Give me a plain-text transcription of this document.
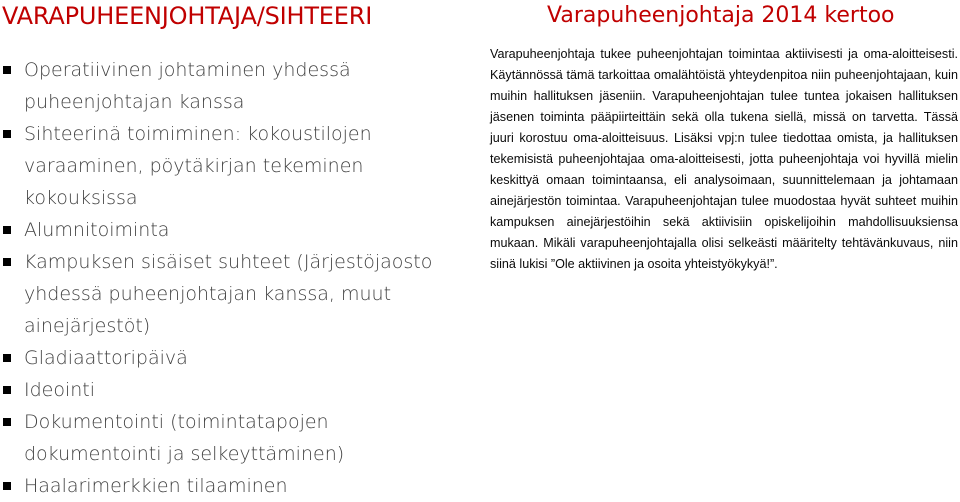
VARAPUHEENJOHTAJA/SIHTEERI
Operatiivinen johtaminen yhdessä puheenjohtajan kanssa
Sihteerinä toimiminen: kokoustilojen varaaminen, pöytäkirjan tekeminen kokouksissa
Alumnitoiminta
Kampuksen sisäiset suhteet (Järjestöjaosto yhdessä puheenjohtajan kanssa, muut ainejärjestöt)
Gladiaattoripäivä
Ideointi
Dokumentointi (toimintatapojen dokumentointi ja selkeyttäminen)
Haalarimerkkien tilaaminen
Varapuheenjohtaja 2014 kertoo

Varapuheenjohtaja tukee puheenjohtajan toimintaa aktiivisesti ja oma-aloitteisesti. Käytännössä tämä tarkoittaa omalähtöistä yhteydenpitoa niin puheenjohtajaan, kuin muihin hallituksen jäseniin. Varapuheenjohtajan tulee tuntea jokaisen hallituksen jäsenen toiminta pääpiirteittäin sekä olla tukena siellä, missä on tarvetta. Tässä juuri korostuu oma-aloitteisuus. Lisäksi vpj:n tulee tiedottaa omista, ja hallituksen tekemisistä puheenjohtajaa oma-aloitteisesti, jotta puheenjohtaja voi hyvillä mielin keskittyä omaan toimintaansa, eli analysoimaan, suunnittelemaan ja johtamaan ainejärjestön toimintaa. Varapuheenjohtajan tulee muodostaa hyvät suhteet muihin kampuksen ainejärjestöihin sekä aktiivisiin opiskelijoihin mahdollisuuksiensa mukaan. Mikäli varapuheenjohtajalla olisi selkeästi määritelty tehtävänkuvaus, niin siinä lukisi ”Ole aktiivinen ja osoita yhteistyökykyä!”.
